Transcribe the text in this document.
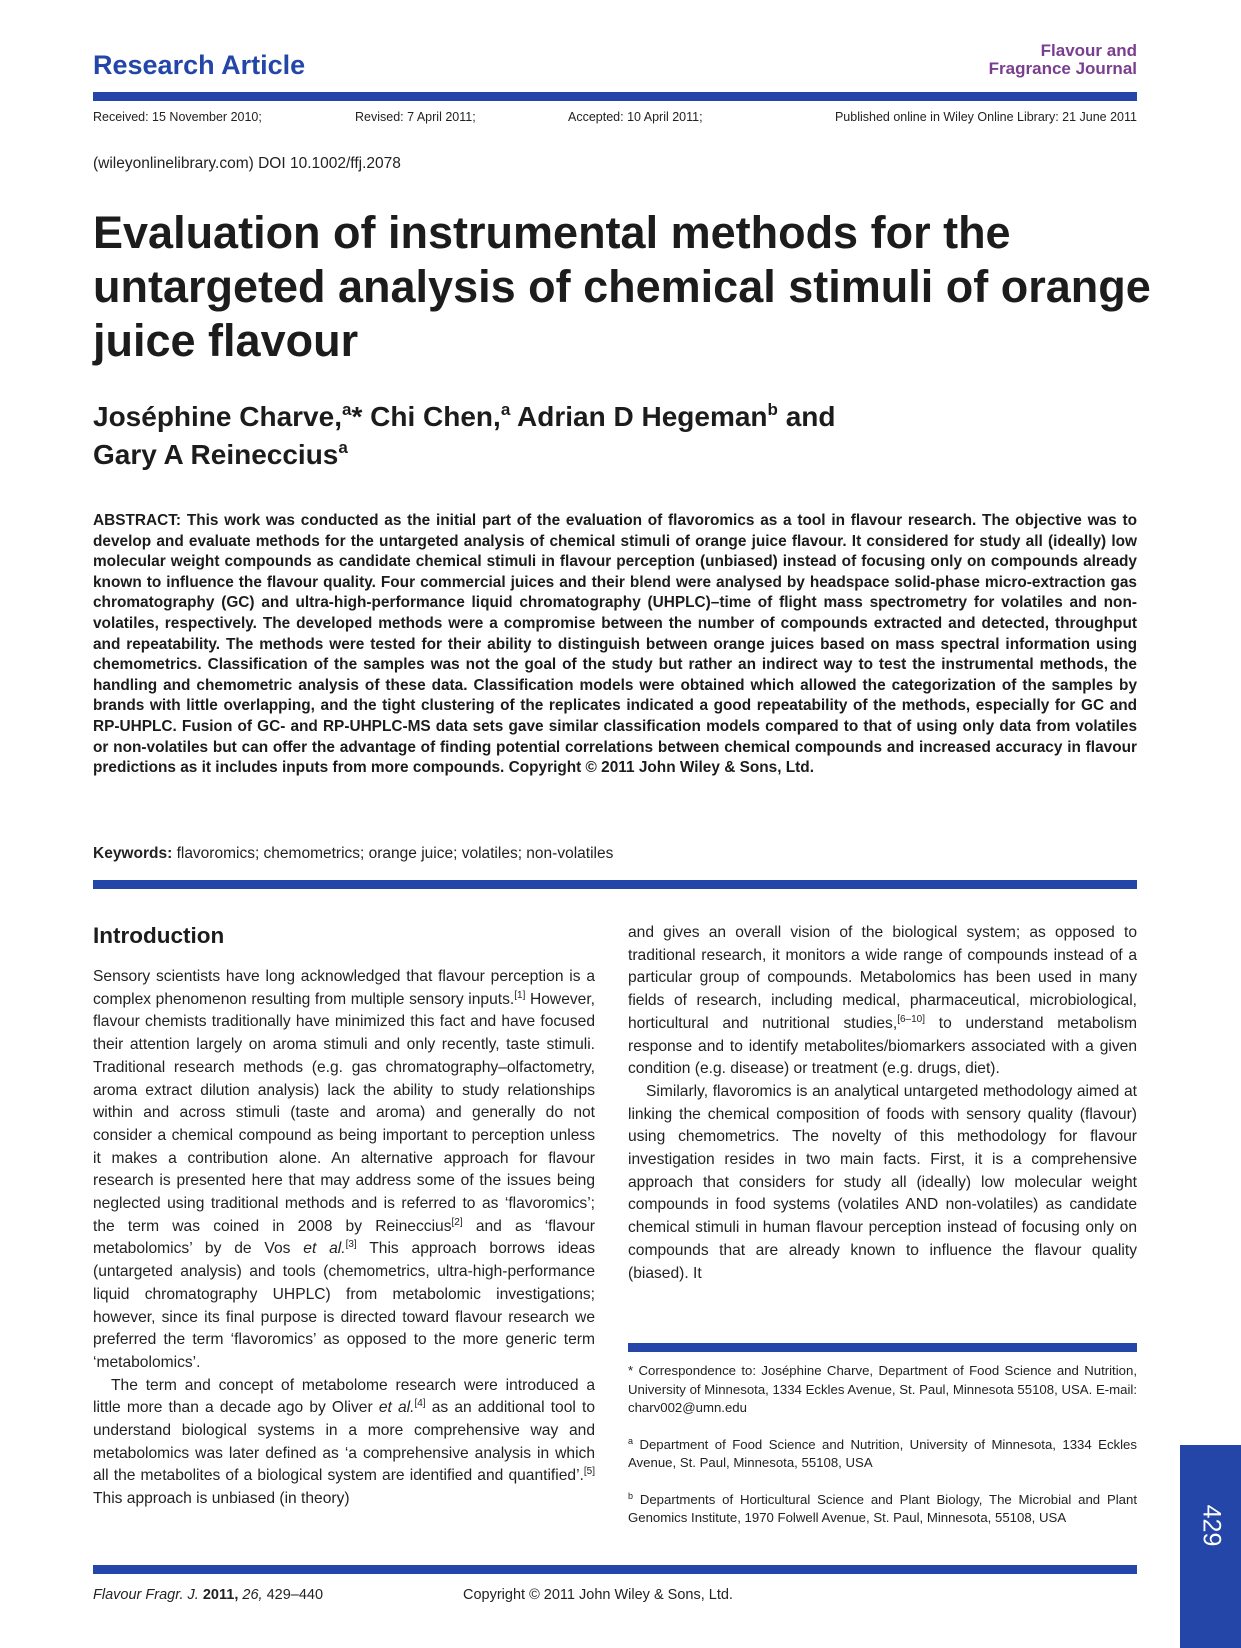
Research Article	Flavour and
Fragrance Journal
Received: 15 November 2010;	Revised: 7 April 2011;	Accepted: 10 April 2011;	Published online in Wiley Online Library: 21 June 2011
(wileyonlinelibrary.com) DOI 10.1002/ffj.2078
Evaluation of instrumental methods for the untargeted analysis of chemical stimuli of orange juice flavour
Joséphine Charve,$^a$* Chi Chen,$^a$ Adrian D Hegeman$^b$ and
Gary A Reineccius$^a$
ABSTRACT: This work was conducted as the initial part of the evaluation of flavoromics as a tool in flavour research. The objective was to develop and evaluate methods for the untargeted analysis of chemical stimuli of orange juice flavour. It considered for study all (ideally) low molecular weight compounds as candidate chemical stimuli in flavour perception (unbiased) instead of focusing only on compounds already known to influence the flavour quality. Four commercial juices and their blend were analysed by headspace solid-phase micro-extraction gas chromatography (GC) and ultra-high-performance liquid chromatography (UHPLC)–time of flight mass spectrometry for volatiles and non-volatiles, respectively. The developed methods were a compromise between the number of compounds extracted and detected, throughput and repeatability. The methods were tested for their ability to distinguish between orange juices based on mass spectral information using chemometrics. Classification of the samples was not the goal of the study but rather an indirect way to test the instrumental methods, the handling and chemometric analysis of these data. Classification models were obtained which allowed the categorization of the samples by brands with little overlapping, and the tight clustering of the replicates indicated a good repeatability of the methods, especially for GC and RP-UHPLC. Fusion of GC- and RP-UHPLC-MS data sets gave similar classification models compared to that of using only data from volatiles or non-volatiles but can offer the advantage of finding potential correlations between chemical compounds and increased accuracy in flavour predictions as it includes inputs from more compounds. Copyright © 2011 John Wiley & Sons, Ltd.
Keywords: flavoromics; chemometrics; orange juice; volatiles; non-volatiles
Introduction

Sensory scientists have long acknowledged that flavour perception is a complex phenomenon resulting from multiple sensory inputs.[1] However, flavour chemists traditionally have minimized this fact and have focused their attention largely on aroma stimuli and only recently, taste stimuli. Traditional research methods (e.g. gas chromatography–olfactometry, aroma extract dilution analysis) lack the ability to study relationships within and across stimuli (taste and aroma) and generally do not consider a chemical compound as being important to perception unless it makes a contribution alone. An alternative approach for flavour research is presented here that may address some of the issues being neglected using traditional methods and is referred to as ‘flavoromics’; the term was coined in 2008 by Reineccius[2] and as ‘flavour metabolomics’ by de Vos et al.[3] This approach borrows ideas (untargeted analysis) and tools (chemometrics, ultra-high-performance liquid chromatography UHPLC) from metabolomic investigations; however, since its final purpose is directed toward flavour research we preferred the term ‘flavoromics’ as opposed to the more generic term ‘metabolomics’.

The term and concept of metabolome research were introduced a little more than a decade ago by Oliver et al.[4] as an additional tool to understand biological systems in a more comprehensive way and metabolomics was later defined as ‘a comprehensive analysis in which all the metabolites of a biological system are identified and quantified’.[5] This approach is unbiased (in theory)

and gives an overall vision of the biological system; as opposed to traditional research, it monitors a wide range of compounds instead of a particular group of compounds. Metabolomics has been used in many fields of research, including medical, pharmaceutical, microbiological, horticultural and nutritional studies,[6–10] to understand metabolism response and to identify metabolites/biomarkers associated with a given condition (e.g. disease) or treatment (e.g. drugs, diet).

Similarly, flavoromics is an analytical untargeted methodology aimed at linking the chemical composition of foods with sensory quality (flavour) using chemometrics. The novelty of this methodology for flavour investigation resides in two main facts. First, it is a comprehensive approach that considers for study all (ideally) low molecular weight compounds in food systems (volatiles AND non-volatiles) as candidate chemical stimuli in human flavour perception instead of focusing only on compounds that are already known to influence the flavour quality (biased). It

* Correspondence to: Joséphine Charve, Department of Food Science and Nutrition, University of Minnesota, 1334 Eckles Avenue, St. Paul, Minnesota 55108, USA. E-mail: charv002@umn.edu

$^a$ Department of Food Science and Nutrition, University of Minnesota, 1334 Eckles Avenue, St. Paul, Minnesota, 55108, USA

$^b$ Departments of Horticultural Science and Plant Biology, The Microbial and Plant Genomics Institute, 1970 Folwell Avenue, St. Paul, Minnesota, 55108, USA

Flavour Fragr. J. 2011, 26, 429–440	Copyright © 2011 John Wiley & Sons, Ltd.
429
